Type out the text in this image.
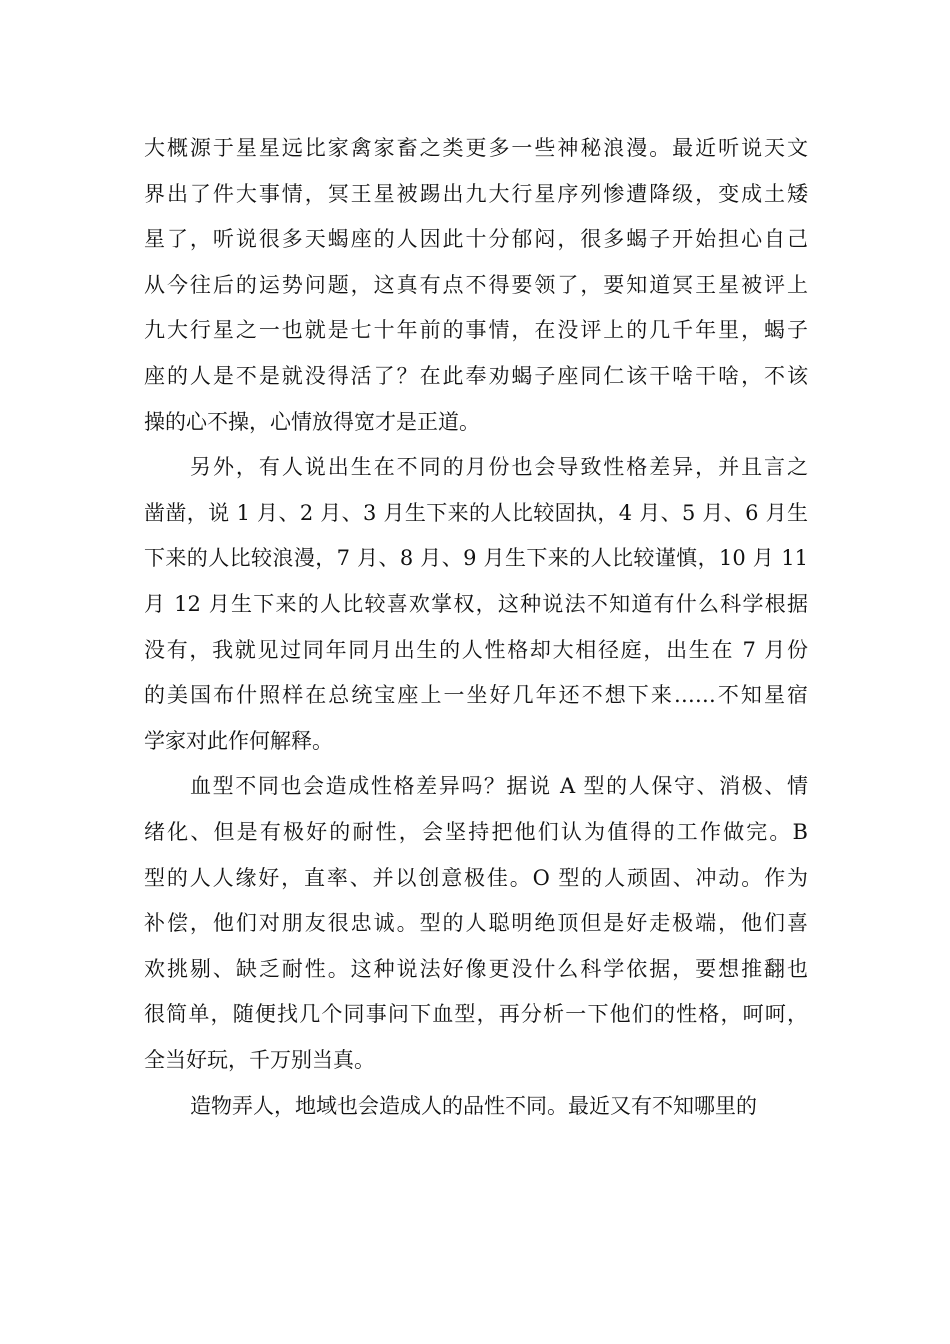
大概源于星星远比家禽家畜之类更多一些神秘浪漫。最近听说天文
界出了件大事情，冥王星被踢出九大行星序列惨遭降级，变成土矮
星了，听说很多天蝎座的人因此十分郁闷，很多蝎子开始担心自己
从今往后的运势问题，这真有点不得要领了，要知道冥王星被评上
九大行星之一也就是七十年前的事情，在没评上的几千年里，蝎子
座的人是不是就没得活了？在此奉劝蝎子座同仁该干啥干啥，不该
操的心不操，心情放得宽才是正道。
另外，有人说出生在不同的月份也会导致性格差异，并且言之
凿凿，说 1 月、2 月、3 月生下来的人比较固执，4 月、5 月、6 月生
下来的人比较浪漫，7 月、8 月、9 月生下来的人比较谨慎，10 月 11
月 12 月生下来的人比较喜欢掌权，这种说法不知道有什么科学根据
没有，我就见过同年同月出生的人性格却大相径庭，出生在 7 月份
的美国布什照样在总统宝座上一坐好几年还不想下来……不知星宿
学家对此作何解释。
血型不同也会造成性格差异吗？据说 A 型的人保守、消极、情
绪化、但是有极好的耐性，会坚持把他们认为值得的工作做完。B
型的人人缘好，直率、并以创意极佳。O 型的人顽固、冲动。作为
补偿，他们对朋友很忠诚。型的人聪明绝顶但是好走极端，他们喜
欢挑剔、缺乏耐性。这种说法好像更没什么科学依据，要想推翻也
很简单，随便找几个同事问下血型，再分析一下他们的性格，呵呵，
全当好玩，千万别当真。
造物弄人，地域也会造成人的品性不同。最近又有不知哪里的
